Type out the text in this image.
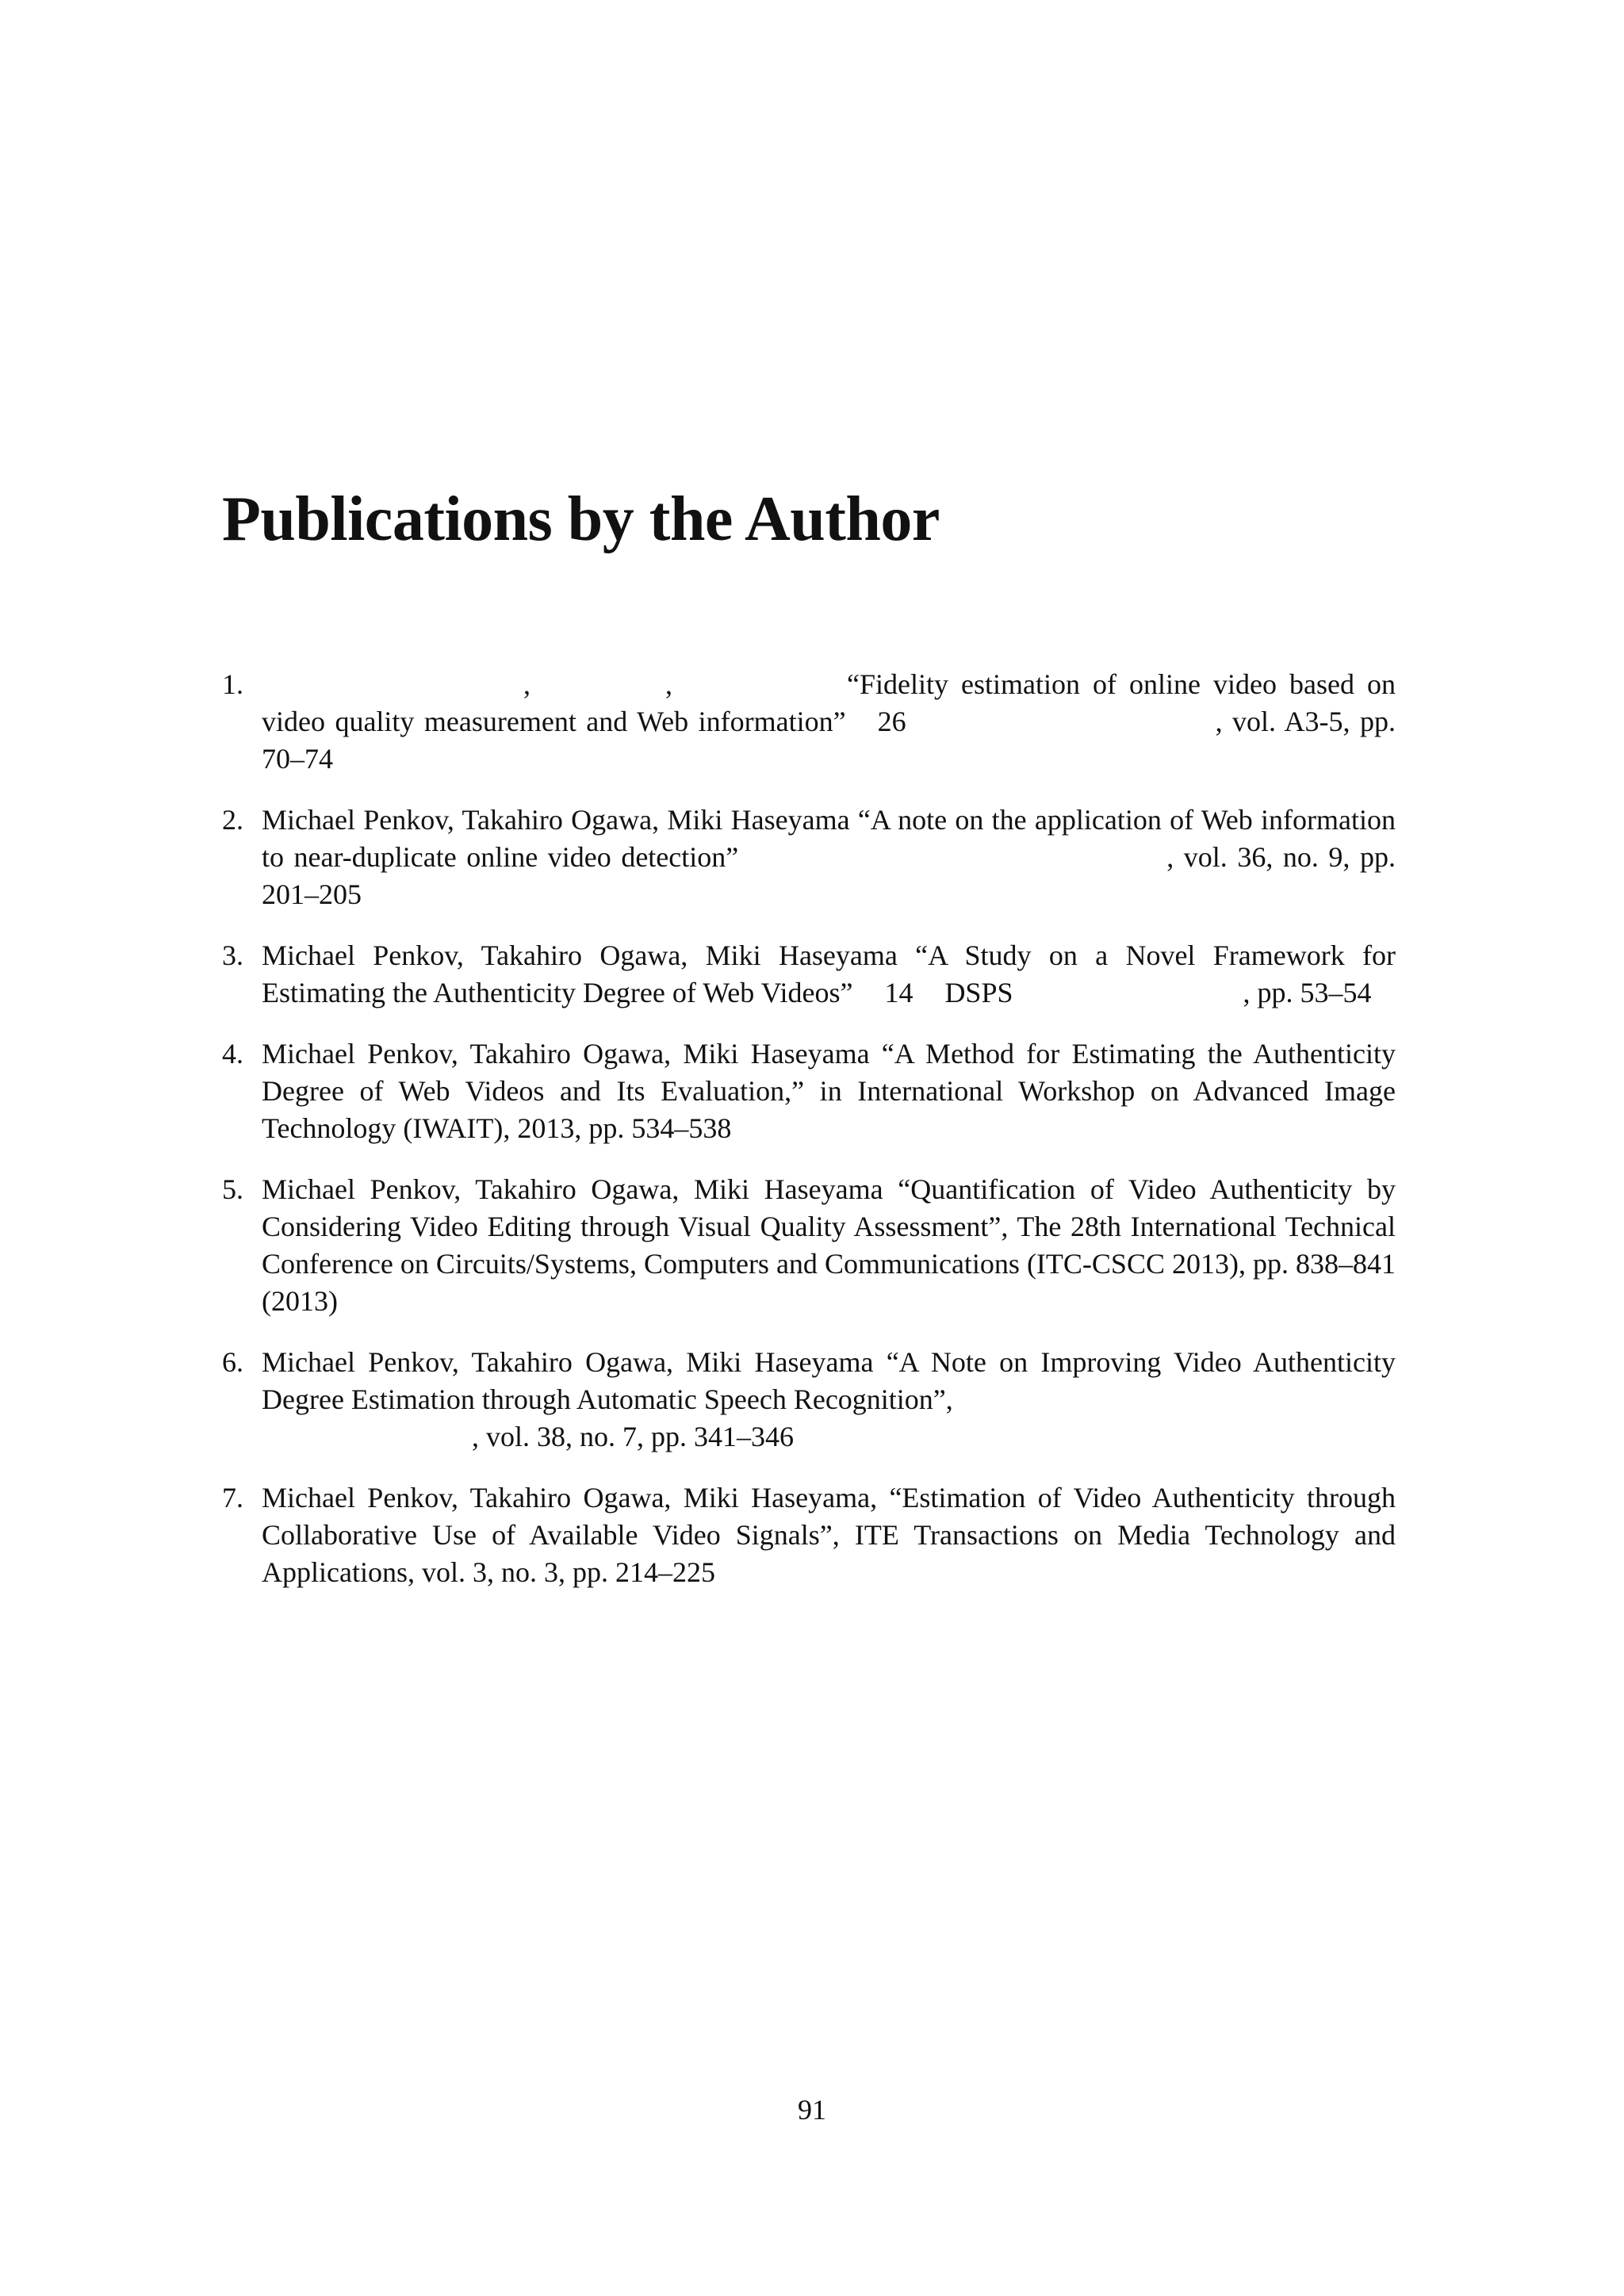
Publications by the Author
1.	,	,	“Fidelity estimation of online video based on video quality measurement and Web information” 26	, vol. A3-5, pp. 70–74
2. Michael Penkov, Takahiro Ogawa, Miki Haseyama “A note on the application of Web information to near-duplicate online video detection”	, vol. 36, no. 9, pp. 201–205
3. Michael Penkov, Takahiro Ogawa, Miki Haseyama “A Study on a Novel Framework for Estimating the Authenticity Degree of Web Videos” 14 DSPS	, pp. 53–54
4. Michael Penkov, Takahiro Ogawa, Miki Haseyama “A Method for Estimating the Authenticity Degree of Web Videos and Its Evaluation,” in International Workshop on Advanced Image Technology (IWAIT), 2013, pp. 534–538
5. Michael Penkov, Takahiro Ogawa, Miki Haseyama “Quantification of Video Authenticity by Considering Video Editing through Visual Quality Assessment”, The 28th International Technical Conference on Circuits/Systems, Computers and Communications (ITC-CSCC 2013), pp. 838–841 (2013)
6. Michael Penkov, Takahiro Ogawa, Miki Haseyama “A Note on Improving Video Authenticity Degree Estimation through Automatic Speech Recognition”,
, vol. 38, no. 7, pp. 341–346
7. Michael Penkov, Takahiro Ogawa, Miki Haseyama, “Estimation of Video Authenticity through Collaborative Use of Available Video Signals”, ITE Transactions on Media Technology and Applications, vol. 3, no. 3, pp. 214–225
91
